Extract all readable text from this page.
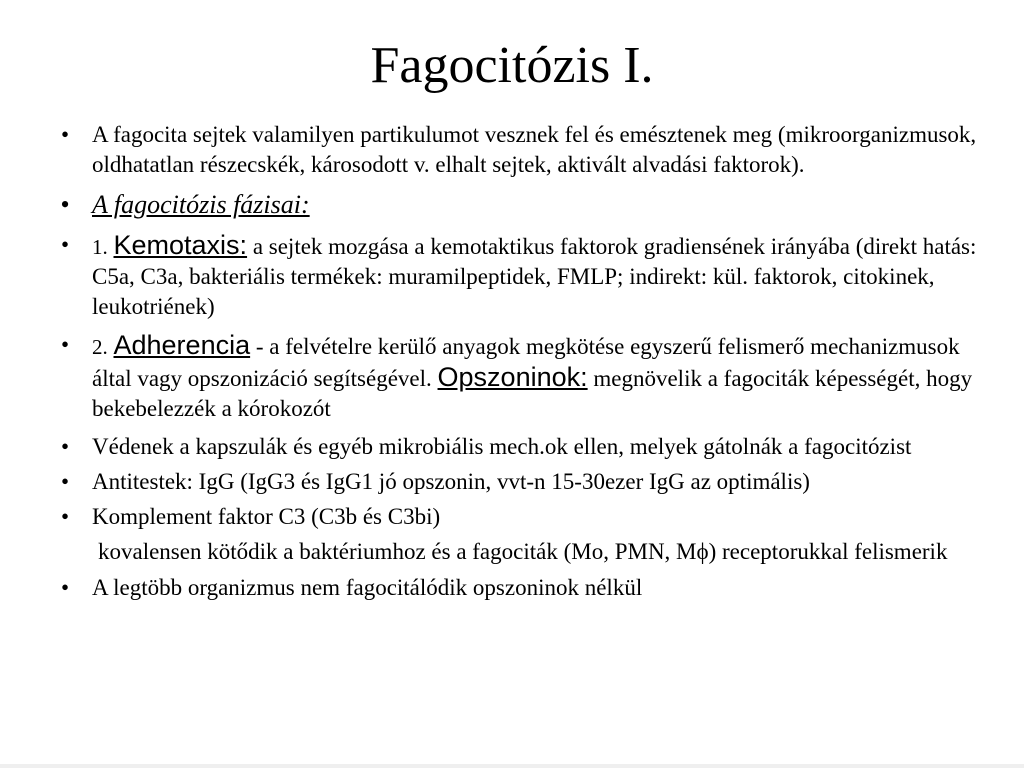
Fagocitózis I.
• A fagocita sejtek valamilyen partikulumot vesznek fel és emésztenek meg (mikroorganizmusok, oldhatatlan részecskék, károsodott v. elhalt sejtek, aktivált alvadási faktorok).
• A fagocitózis fázisai:
• 1. Kemotaxis: a sejtek mozgása a kemotaktikus faktorok gradiensének irányába (direkt hatás: C5a, C3a, bakteriális termékek: muramilpeptidek, FMLP; indirekt: kül. faktorok, citokinek, leukotriének)
• 2. Adherencia - a felvételre kerülő anyagok megkötése egyszerű felismerő mechanizmusok által vagy opszonizáció segítségével. Opszoninok: megnövelik a fagociták képességét, hogy bekebelezzék a kórokozót
• Védenek a kapszulák és egyéb mikrobiális mech.ok ellen, melyek gátolnák a fagocitózist
• Antitestek: IgG (IgG3 és IgG1 jó opszonin, vvt-n 15-30ezer IgG az optimális)
• Komplement faktor C3 (C3b és C3bi)
kovalensen kötődik a baktériumhoz és a fagociták (Mo, PMN, Mϕ) receptorukkal felismerik
• A legtöbb organizmus nem fagocitálódik opszoninok nélkül
